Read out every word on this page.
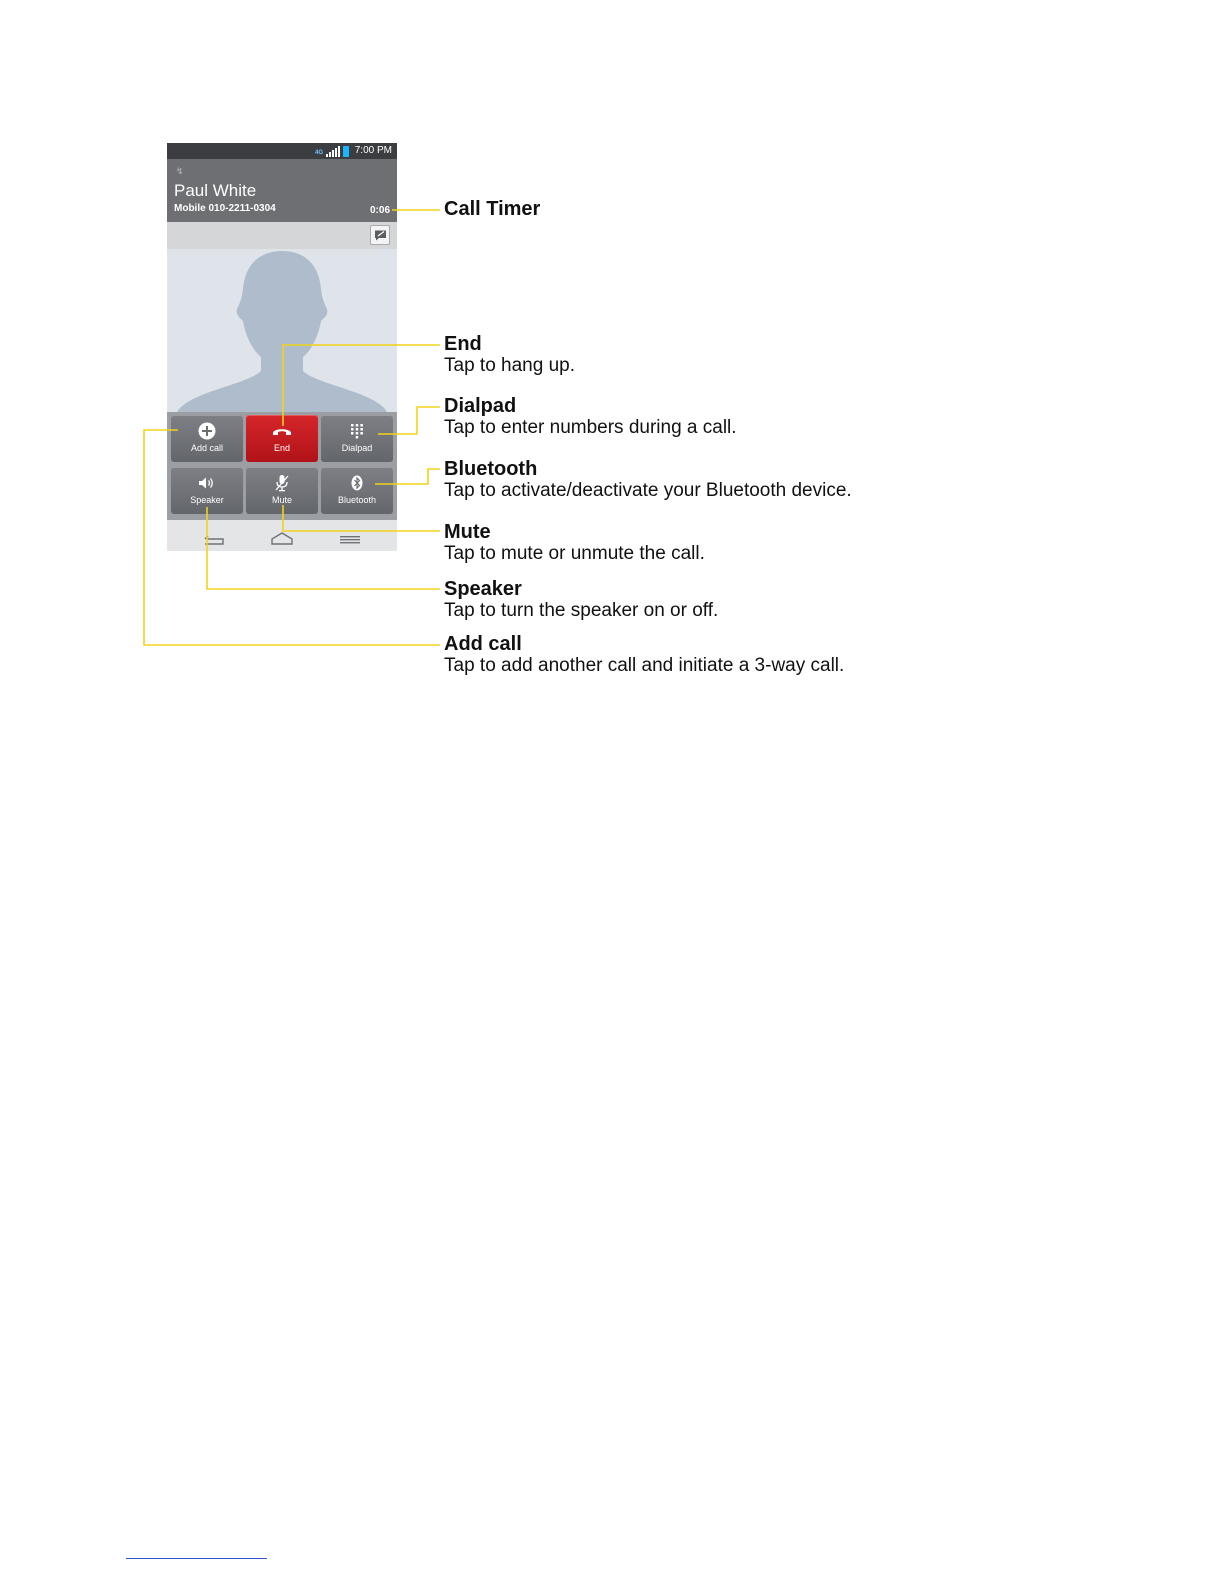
4G	7:00 PM
↯
Paul White
Mobile 010-2211-0304	0:06
Add call	End	Dialpad
Speaker	Mute	Bluetooth
Call Timer
End
Tap to hang up.
Dialpad
Tap to enter numbers during a call.
Bluetooth
Tap to activate/deactivate your Bluetooth device.
Mute
Tap to mute or unmute the call.
Speaker
Tap to turn the speaker on or off.
Add call
Tap to add another call and initiate a 3-way call.
